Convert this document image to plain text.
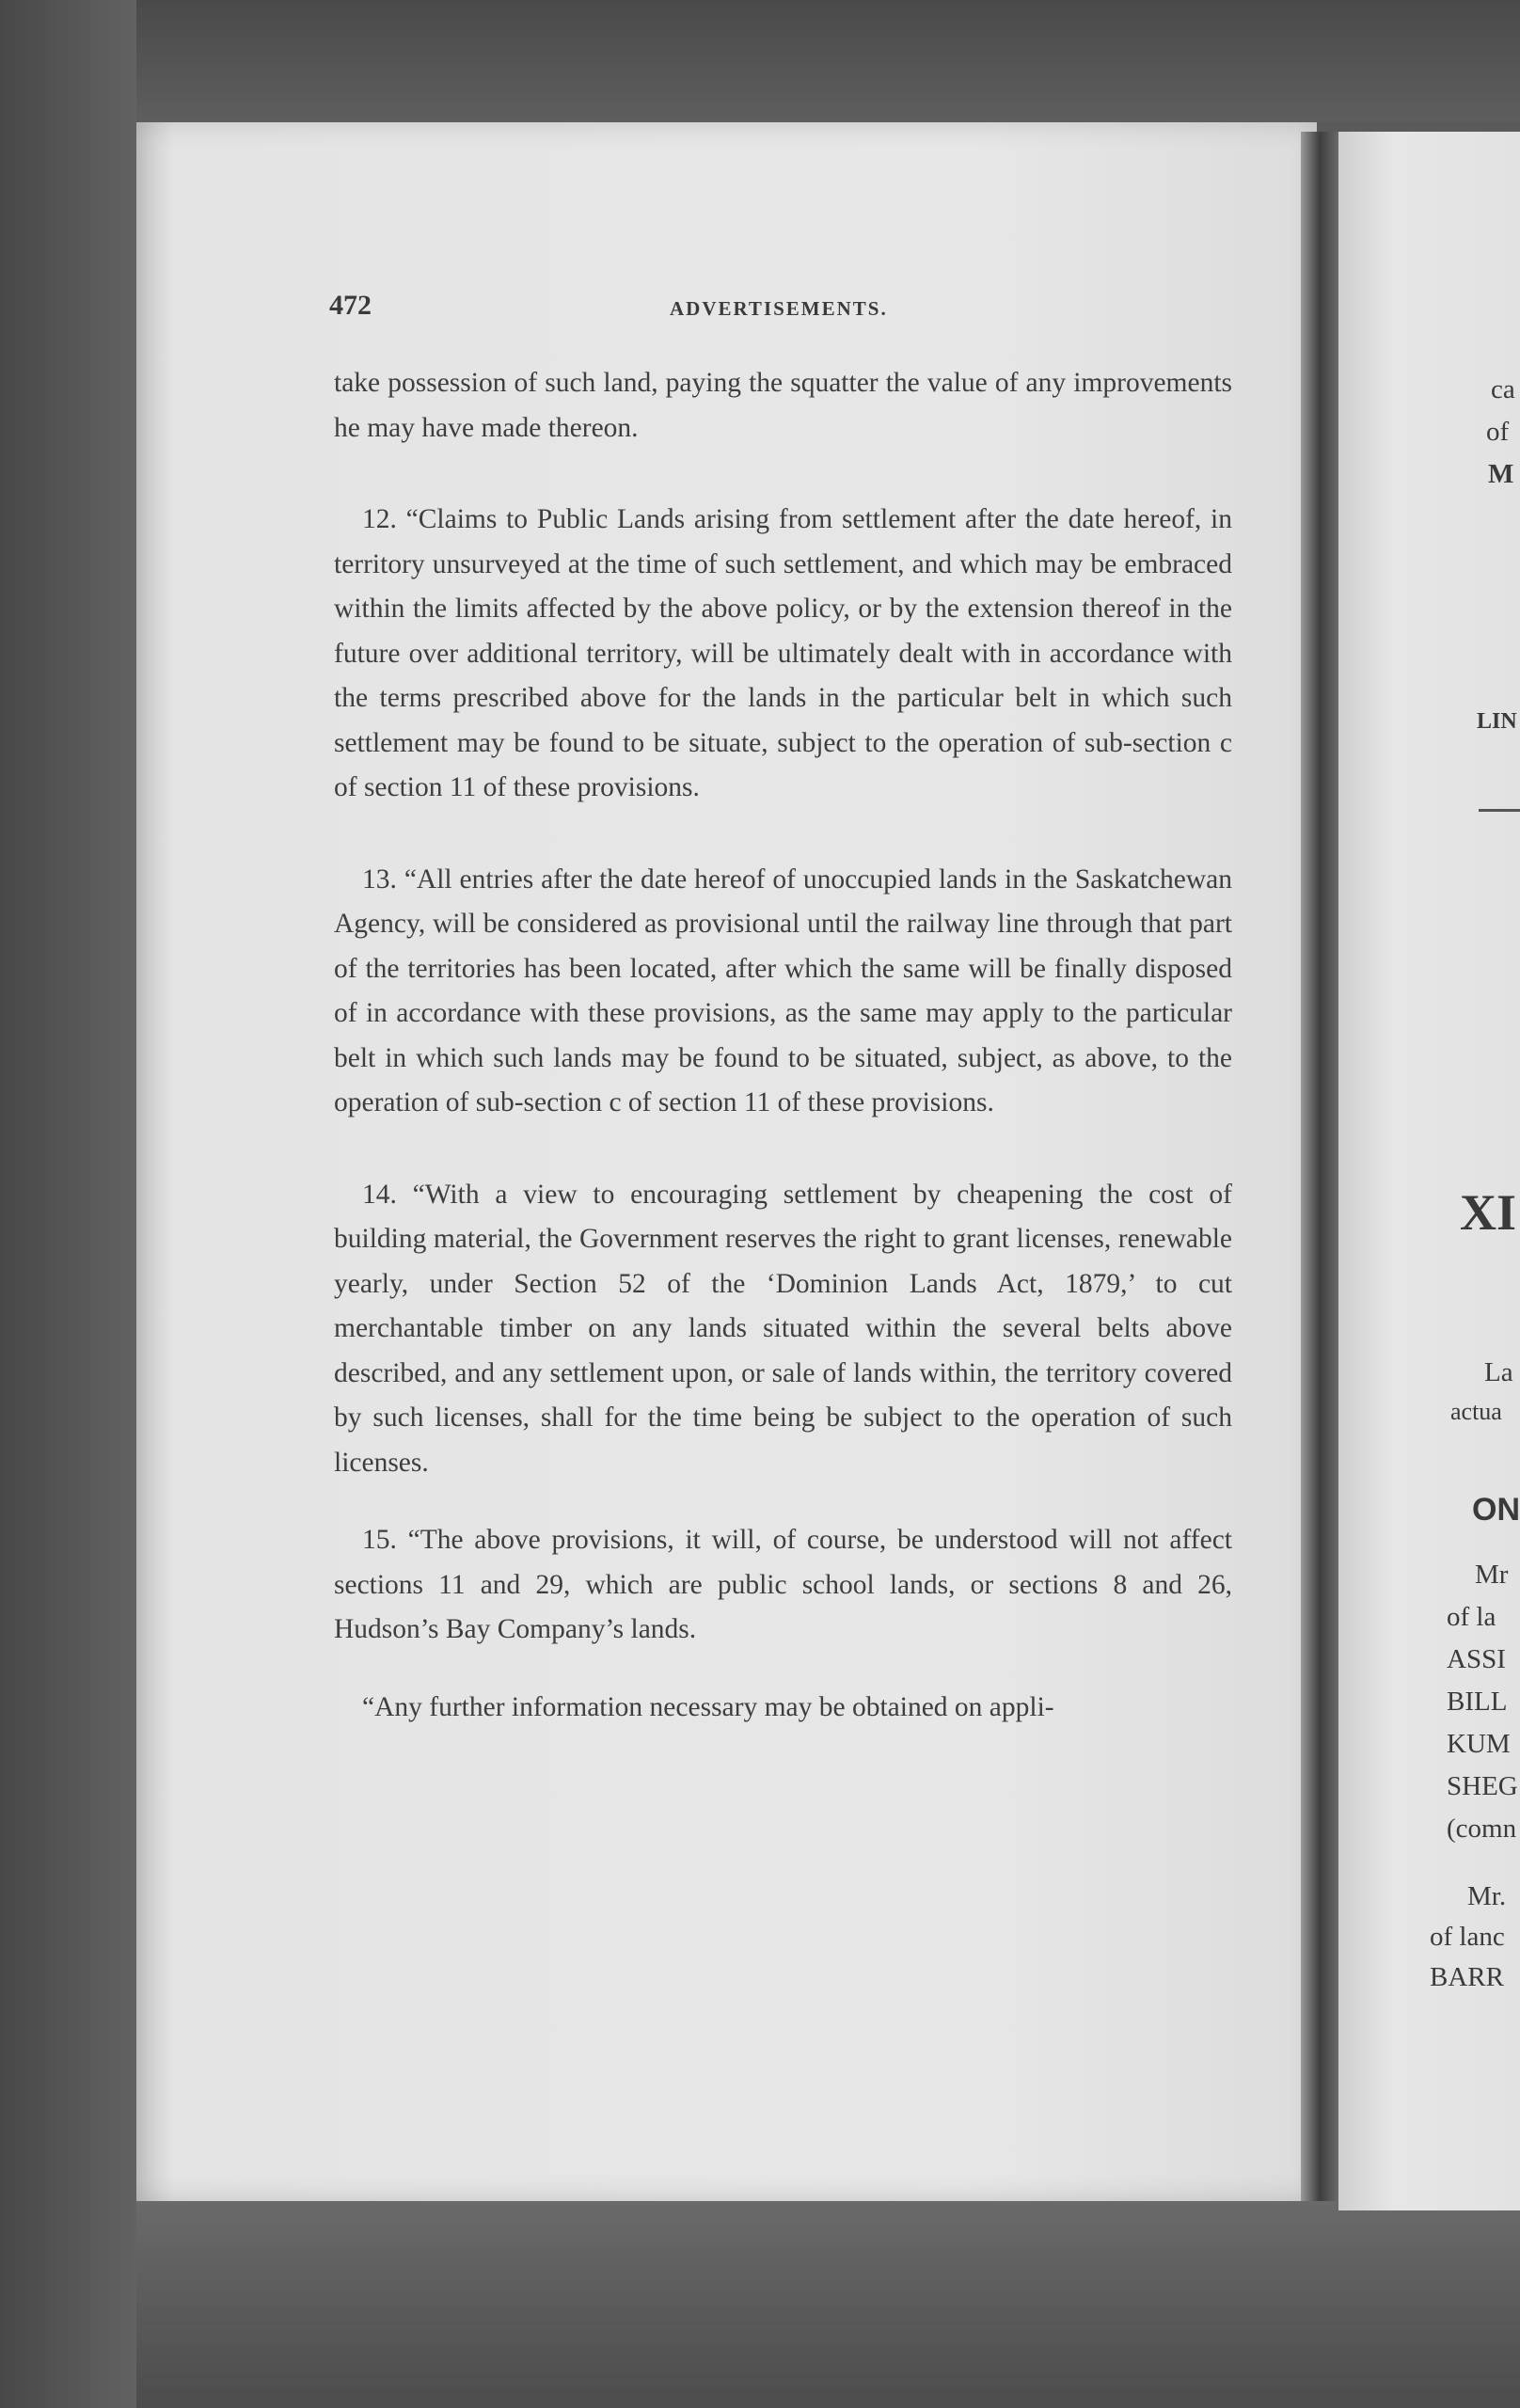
472	ADVERTISEMENTS.

take possession of such land, paying the squatter the value of any improvements he may have made thereon.

12. “Claims to Public Lands arising from settlement after the date hereof, in territory unsurveyed at the time of such settlement, and which may be embraced within the limits affected by the above policy, or by the extension thereof in the future over additional territory, will be ultimately dealt with in accordance with the terms prescribed above for the lands in the particular belt in which such settlement may be found to be situate, subject to the operation of sub-section c of section 11 of these provisions.

13. “All entries after the date hereof of unoccupied lands in the Saskatchewan Agency, will be considered as provisional until the railway line through that part of the territories has been located, after which the same will be finally disposed of in accordance with these provisions, as the same may apply to the particular belt in which such lands may be found to be situated, subject, as above, to the operation of sub-section c of section 11 of these provisions.

14. “With a view to encouraging settlement by cheapening the cost of building material, the Government reserves the right to grant licenses, renewable yearly, under Section 52 of the ‘Dominion Lands Act, 1879,’ to cut merchantable timber on any lands situated within the several belts above described, and any settlement upon, or sale of lands within, the territory covered by such licenses, shall for the time being be subject to the operation of such licenses.

15. “The above provisions, it will, of course, be understood will not affect sections 11 and 29, which are public school lands, or sections 8 and 26, Hudson’s Bay Company’s lands.

“Any further information necessary may be obtained on appli-

ca
of
M
LIN
XI
La
actua
ON
Mr
of la
ASSI
BILL
KUM
SHEG
(comn
Mr.
of lanc
BARR
